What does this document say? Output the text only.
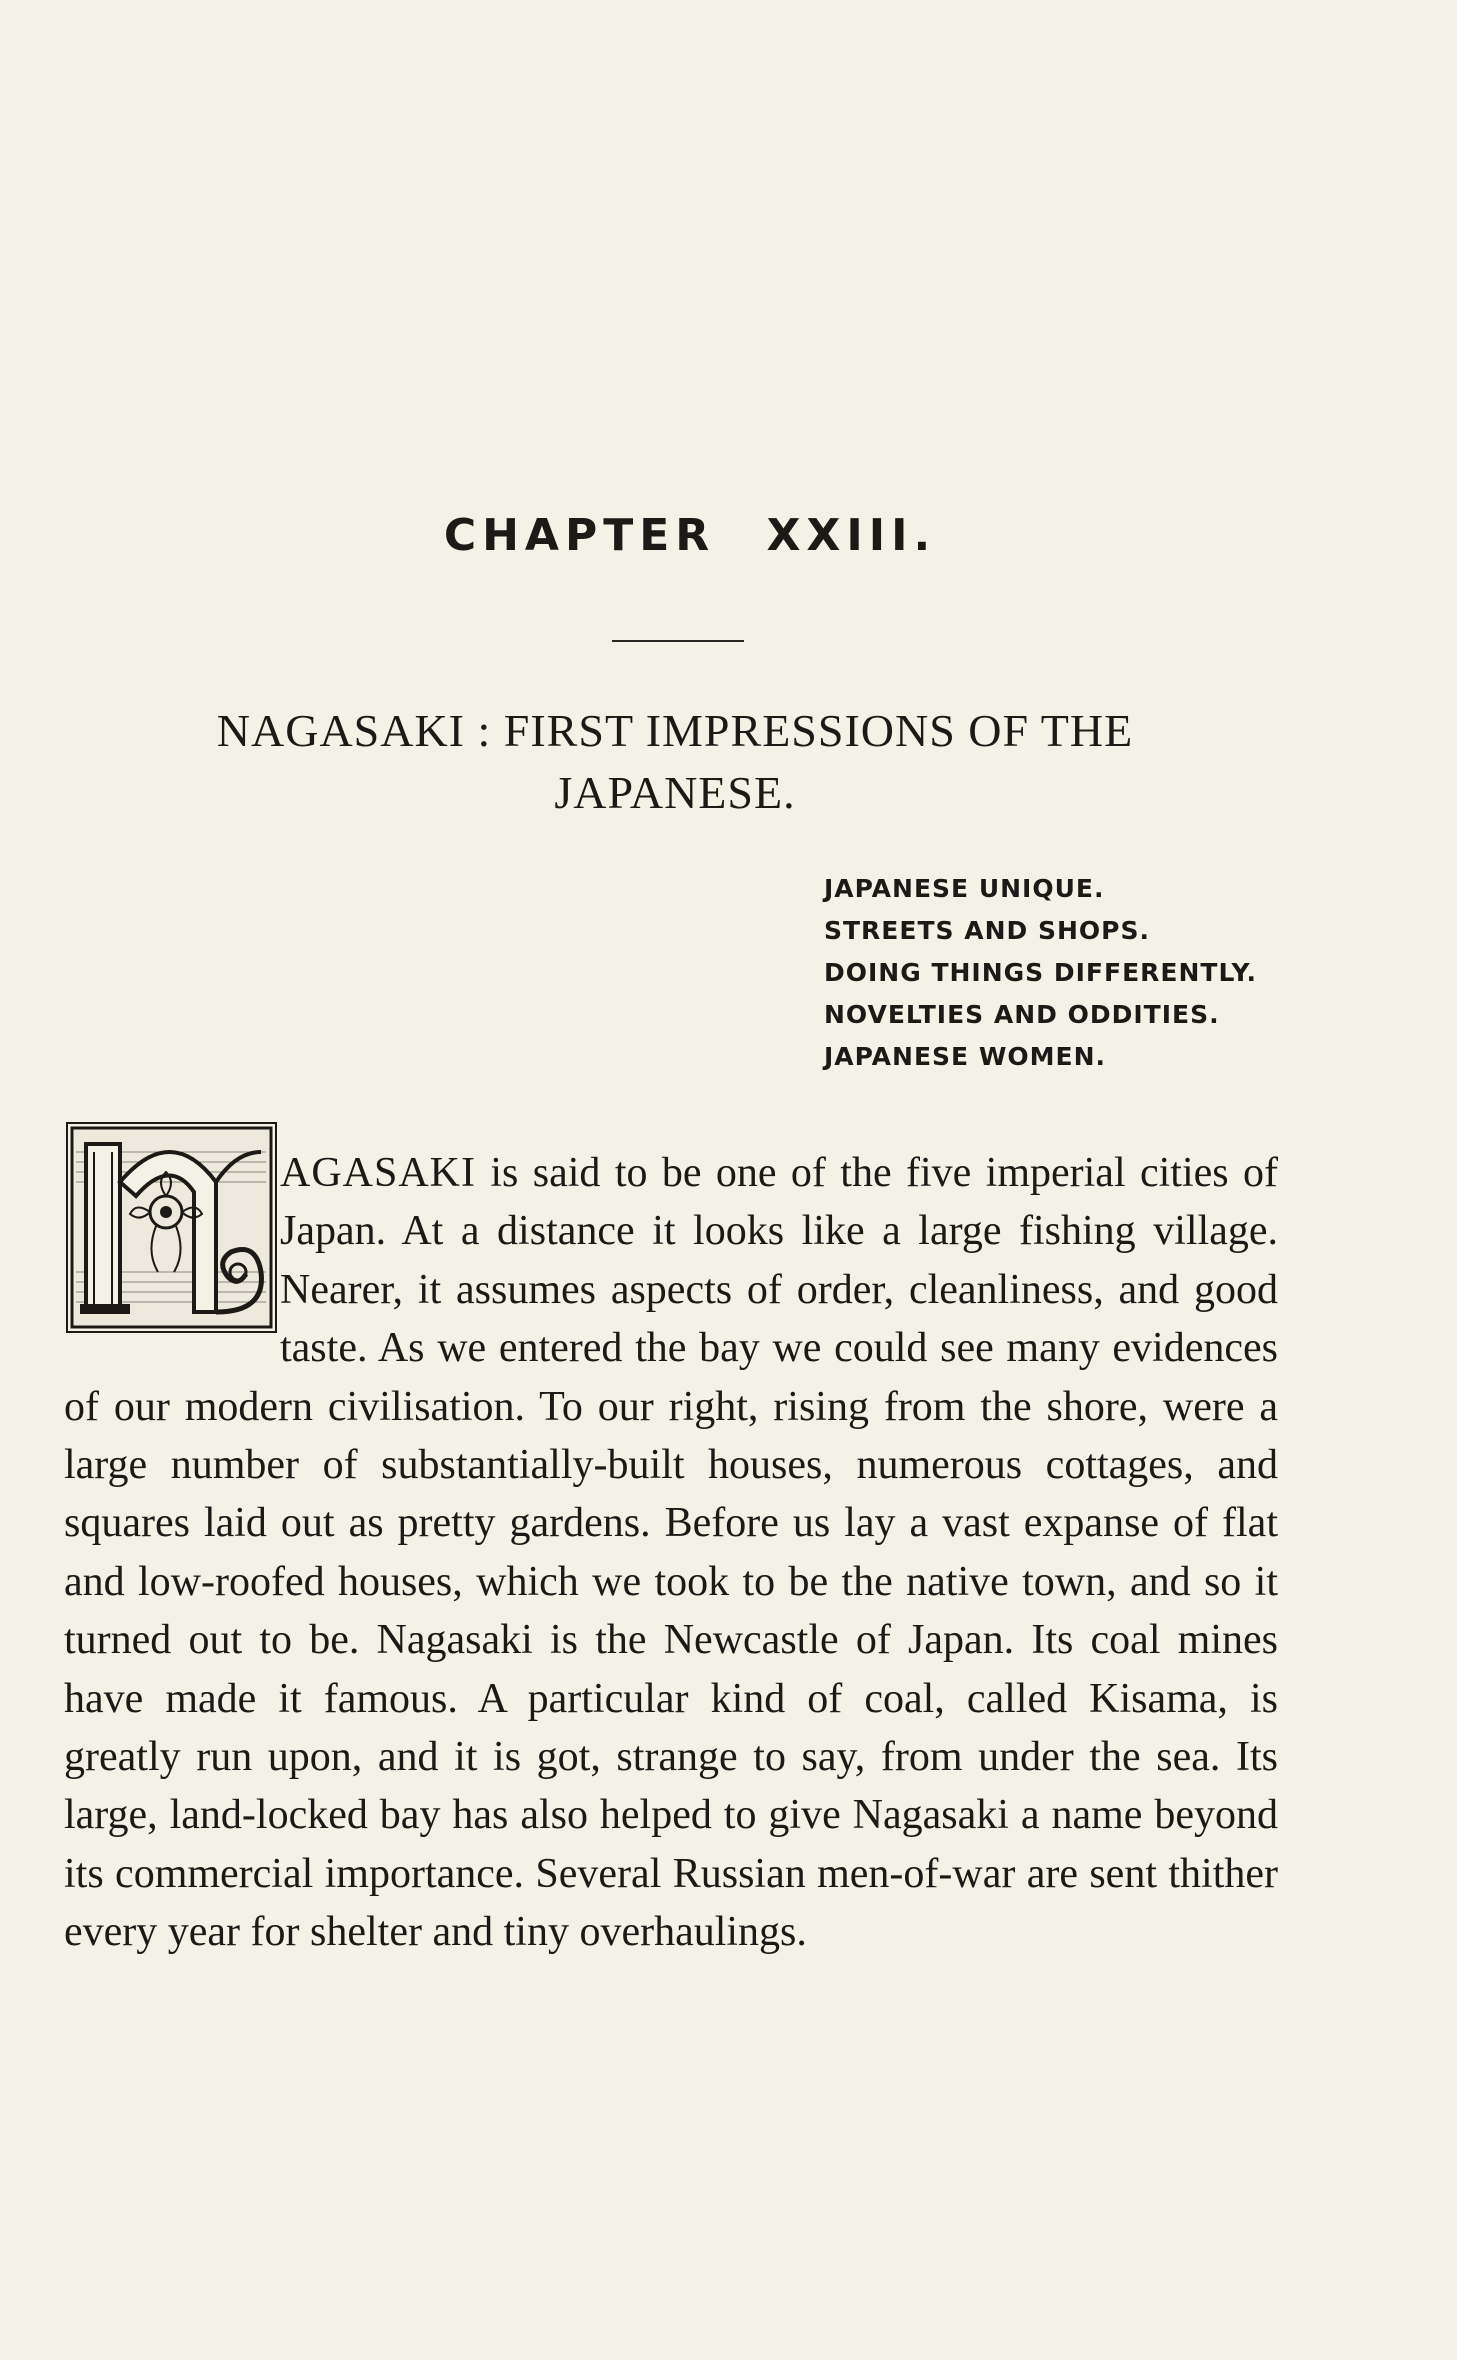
CHAPTER XXIII.
NAGASAKI : FIRST IMPRESSIONS OF THE JAPANESE.
JAPANESE UNIQUE.
STREETS AND SHOPS.
DOING THINGS DIFFERENTLY.
NOVELTIES AND ODDITIES.
JAPANESE WOMEN.

AGASAKI is said to be one of the five imperial cities of Japan. At a distance it looks like a large fishing village. Nearer, it assumes aspects of order, cleanliness, and good taste. As we entered the bay we could see many evidences of our modern civilisation. To our right, rising from the shore, were a large number of substantially-built houses, numerous cottages, and squares laid out as pretty gardens. Before us lay a vast expanse of flat and low-roofed houses, which we took to be the native town, and so it turned out to be. Nagasaki is the Newcastle of Japan. Its coal mines have made it famous. A particular kind of coal, called Kisama, is greatly run upon, and it is got, strange to say, from under the sea. Its large, land-locked bay has also helped to give Nagasaki a name beyond its commercial importance. Several Russian men-of-war are sent thither every year for shelter and tiny overhaulings.
